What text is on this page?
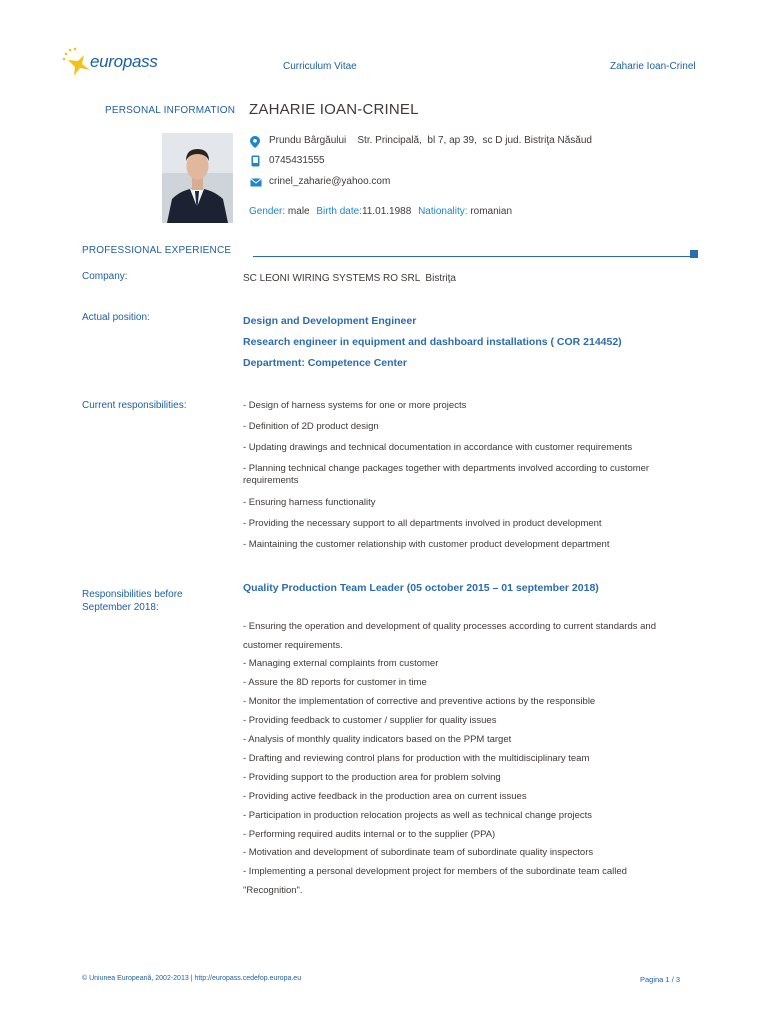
europass	Curriculum Vitae	Zaharie Ioan-Crinel
PERSONAL INFORMATION ZAHARIE IOAN-CRINEL
Prundu Bârgăului    Str. Principală,  bl 7, ap 39,  sc D jud. Bistriţa Năsăud
0745431555
crinel_zaharie@yahoo.com
Gender: male Birth date:11.01.1988 Nationality: romanian
PROFESSIONAL EXPERIENCE
Company:	SC LEONI WIRING SYSTEMS RO SRL  Bistriţa
Actual position:	Design and Development Engineer
Research engineer in equipment and dashboard installations ( COR 214452)
Department: Competence Center
Current responsibilities:	- Design of harness systems for one or more projects
- Definition of 2D product design
- Updating drawings and technical documentation in accordance with customer requirements
- Planning technical change packages together with departments involved according to customer
requirements
- Ensuring harness functionality
- Providing the necessary support to all departments involved in product development
- Maintaining the customer relationship with customer product development department
Responsibilities before
September 2018:
Quality Production Team Leader (05 october 2015 – 01 september 2018)
- Ensuring the operation and development of quality processes according to current standards and
customer requirements.
- Managing external complaints from customer
- Assure the 8D reports for customer in time
- Monitor the implementation of corrective and preventive actions by the responsible
- Providing feedback to customer / supplier for quality issues
- Analysis of monthly quality indicators based on the PPM target
- Drafting and reviewing control plans for production with the multidisciplinary team
- Providing support to the production area for problem solving
- Providing active feedback in the production area on current issues
- Participation in production relocation projects as well as technical change projects
- Performing required audits internal or to the supplier (PPA)
- Motivation and development of subordinate team of subordinate quality inspectors
- Implementing a personal development project for members of the subordinate team called
"Recognition".
© Uniunea Europeană, 2002-2013 | http://europass.cedefop.europa.eu	Pagina 1 / 3
